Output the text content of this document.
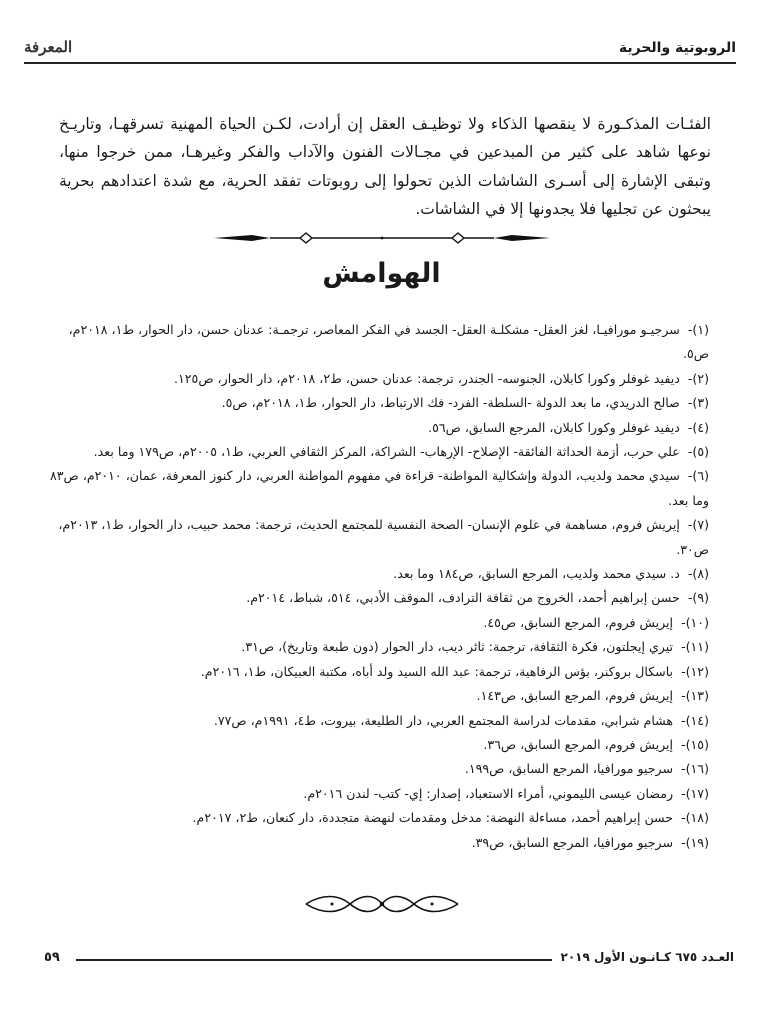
الروبوتية والحرية
المعرفة

الفئـات المذكـورة لا ينقصها الذكاء ولا توظيـف العقل إن أرادت، لكـن الحياة المهنية تسرقهـا، وتاريـخ نوعها شاهد على كثير من المبدعين في مجـالات الفنون والآداب والفكر وغيرهـا، ممن خرجوا منها، وتبقى الإشارة إلى أسـرى الشاشات الذين تحولوا إلى روبوتات تفقد الحرية، مع شدة اعتدادهم بحرية يبحثون عن تجليها فلا يجدونها إلا في الشاشات.

الهوامش
(١)- سرجيـو مورافيـا، لغز العقل- مشكلـة العقل- الجسد في الفكر المعاصر، ترجمـة: عدنان حسن، دار الحوار، ط١، ٢٠١٨م، ص٥.
(٢)- ديفيد غوفلر وكورا كابلان، الجنوسه- الجندر، ترجمة: عدنان حسن، ط٢، ٢٠١٨م، دار الحوار، ص١٢٥.
(٣)- صالح الدريدي، ما بعد الدولة -السلطة- الفرد- فك الارتباط، دار الحوار، ط١، ٢٠١٨م، ص٥.
(٤)- ديفيد غوفلر وكورا كابلان، المرجع السابق، ص٥٦.
(٥)- علي حرب، أزمة الحداثة الفائقة- الإصلاح- الإرهاب- الشراكة، المركز الثقافي العربي، ط١، ٢٠٠٥م، ص١٧٩ وما بعد.
(٦)- سيدي محمد ولديب، الدولة وإشكالية المواطنة- قراءة في مفهوم المواطنة العربي، دار كنوز المعرفة، عمان، ٢٠١٠م، ص٨٣ وما بعد.
(٧)- إيريش فروم، مساهمة في علوم الإنسان- الصحة النفسية للمجتمع الحديث، ترجمة: محمد حبيب، دار الحوار، ط١، ٢٠١٣م، ص٣٠.
(٨)- د. سيدي محمد ولديب، المرجع السابق، ص١٨٤ وما بعد.
(٩)- حسن إبراهيم أحمد، الخروج من ثقافة الترادف، الموقف الأدبي، ٥١٤، شباط، ٢٠١٤م.
(١٠)- إيريش فروم، المرجع السابق، ص٤٥.
(١١)- تيري إيجلتون، فكرة الثقافة، ترجمة: ثائر ديب، دار الحوار (دون طبعة وتاريخ)، ص٣١.
(١٢)- باسكال بروكنر، بؤس الرفاهية، ترجمة: عبد الله السيد ولد أباه، مكتبة العبيكان، ط١، ٢٠١٦م.
(١٣)- إيريش فروم، المرجع السابق، ص١٤٣.
(١٤)- هشام شرابي، مقدمات لدراسة المجتمع العربي، دار الطليعة، بيروت، ط٤، ١٩٩١م، ص٧٧.
(١٥)- إيريش فروم، المرجع السابق، ص٣٦.
(١٦)- سرجيو مورافيا، المرجع السابق، ص١٩٩.
(١٧)- رمضان عيسى الليموني، أمراء الاستعباد، إصدار: إي- كتب- لندن ٢٠١٦م.
(١٨)- حسن إبراهيم أحمد، مساءلة النهضة: مدخل ومقدمات لنهضة متجددة، دار كنعان، ط٢، ٢٠١٧م.
(١٩)- سرجيو مورافيا، المرجع السابق، ص٣٩.
العـدد ٦٧٥ كـانـون الأول ٢٠١٩
٥٩
